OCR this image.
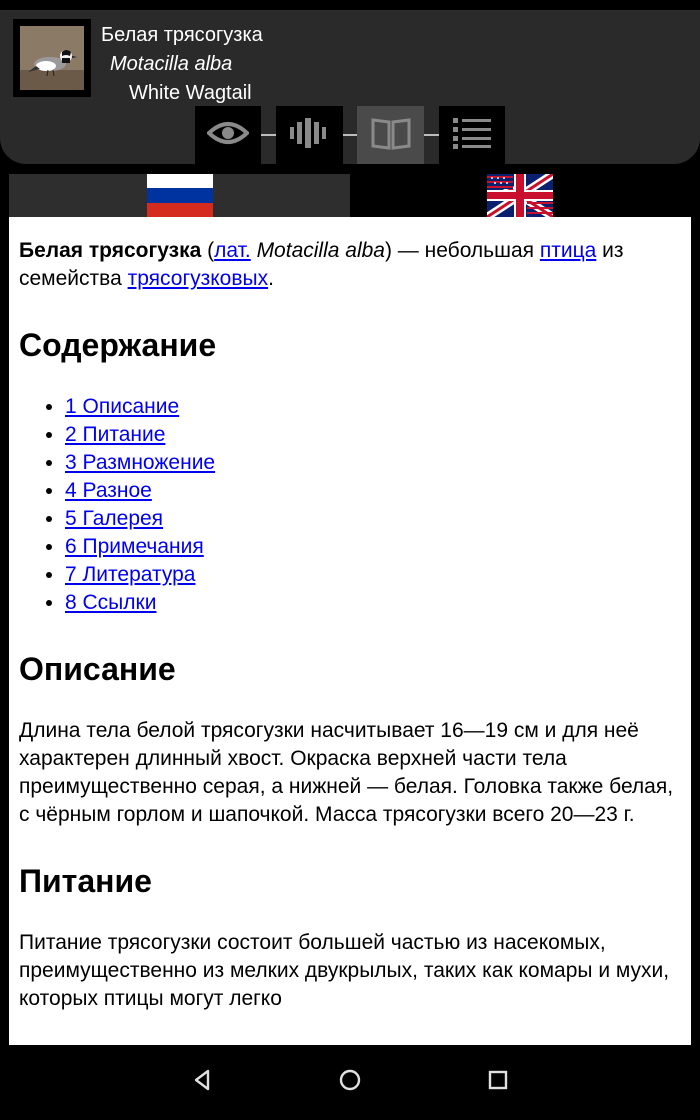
Белая трясогузка
Motacilla alba
White Wagtail

Белая трясогузка (лат. Motacilla alba) — небольшая птица из семейства трясогузковых.

Содержание
• 1 Описание
• 2 Питание
• 3 Размножение
• 4 Разное
• 5 Галерея
• 6 Примечания
• 7 Литература
• 8 Ссылки
Описание

Длина тела белой трясогузки насчитывает 16—19 см и для неё характерен длинный хвост. Окраска верхней части тела преимущественно серая, а нижней — белая. Головка также белая, с чёрным горлом и шапочкой. Масса трясогузки всего 20—23 г.

Питание

Питание трясогузки состоит большей частью из насекомых, преимущественно из мелких двукрылых, таких как комары и мухи, которых птицы могут легко
